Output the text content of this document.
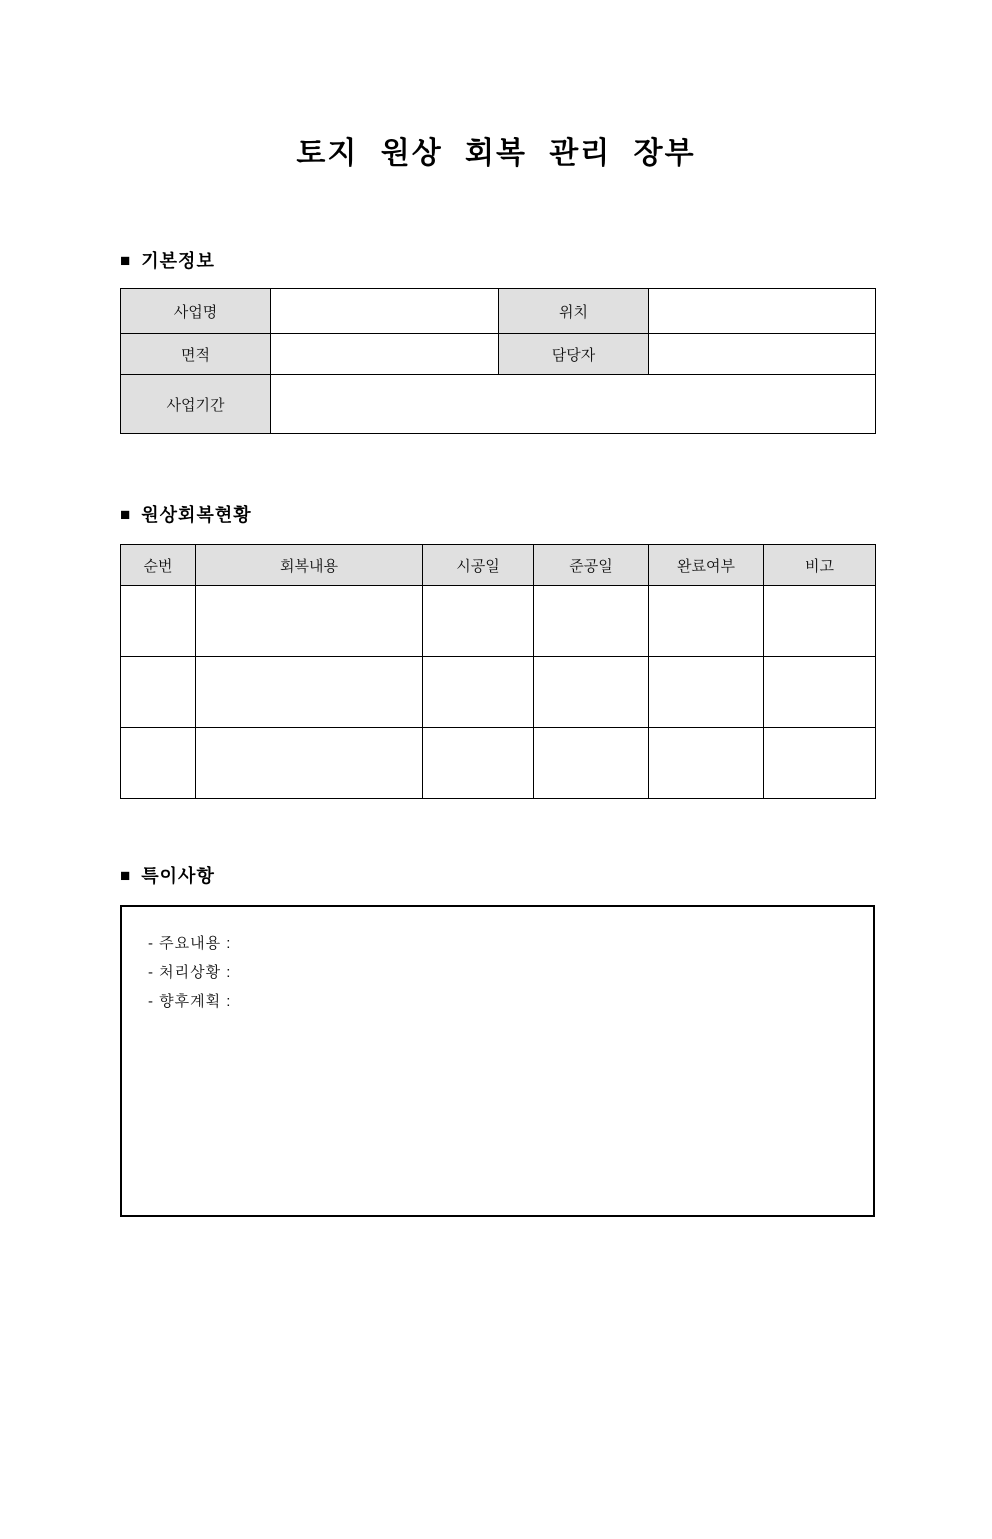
토지 원상 회복 관리 장부
■ 기본정보
사업명		위치	
면적		담당자	
사업기간			
■ 원상회복현황
순번	회복내용	시공일	준공일	완료여부	비고

■ 특이사항
- 주요내용 :
- 처리상황 :
- 향후계획 :
